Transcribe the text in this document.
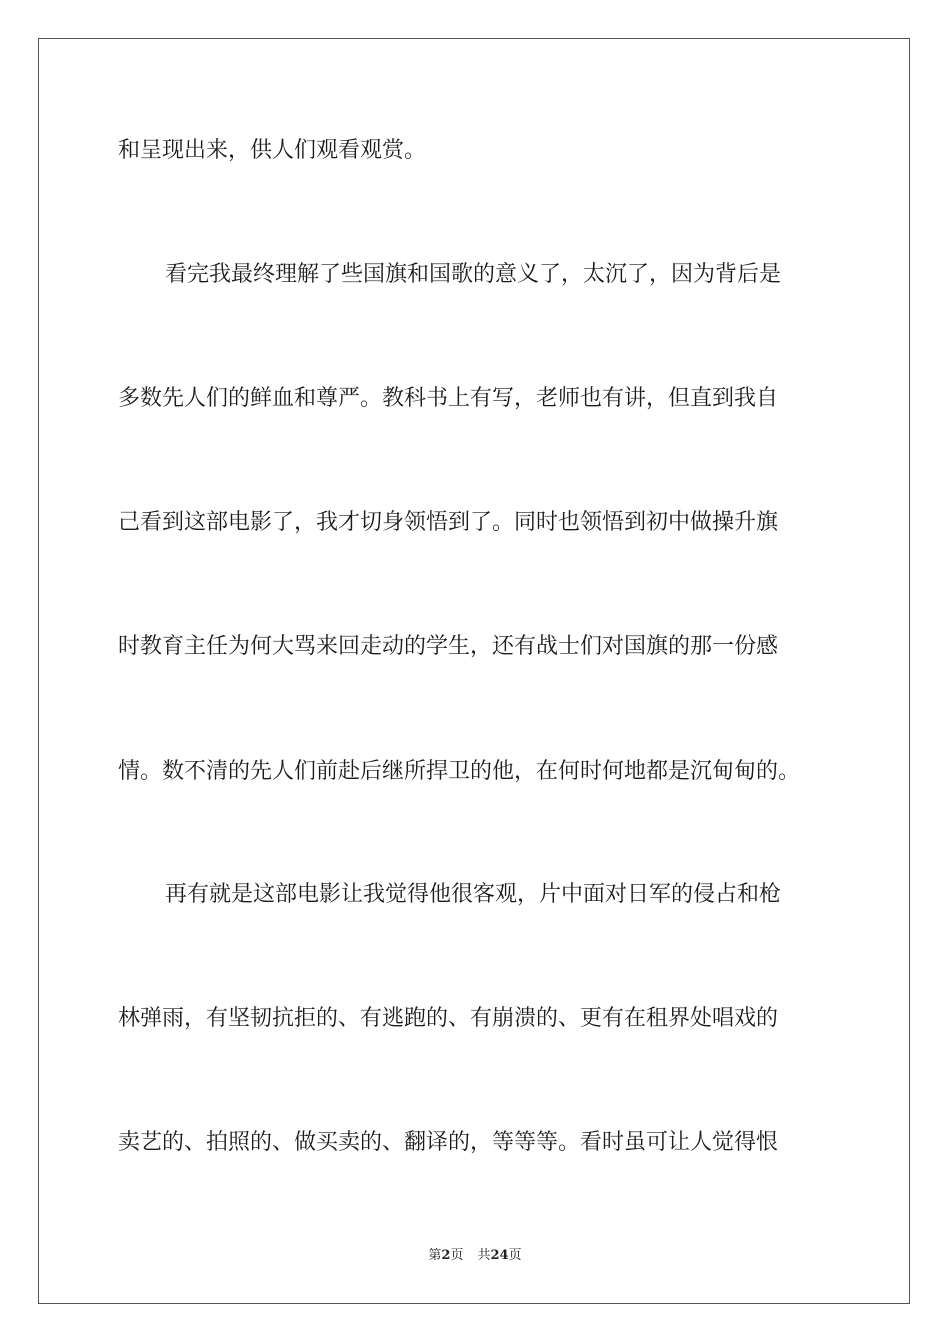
和呈现出来，供人们观看观赏。
看完我最终理解了些国旗和国歌的意义了，太沉了，因为背后是
多数先人们的鲜血和尊严。教科书上有写，老师也有讲，但直到我自
己看到这部电影了，我才切身领悟到了。同时也领悟到初中做操升旗
时教育主任为何大骂来回走动的学生，还有战士们对国旗的那一份感
情。数不清的先人们前赴后继所捍卫的他，在何时何地都是沉甸甸的。
再有就是这部电影让我觉得他很客观，片中面对日军的侵占和枪
林弹雨，有坚韧抗拒的、有逃跑的、有崩溃的、更有在租界处唱戏的
卖艺的、拍照的、做买卖的、翻译的，等等等。看时虽可让人觉得恨
第2页 共24页
